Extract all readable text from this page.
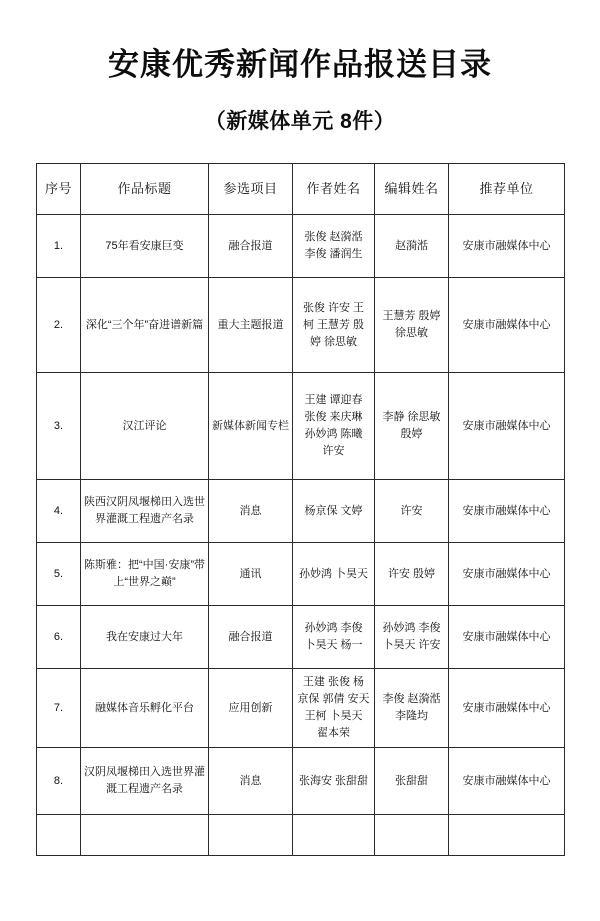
安康优秀新闻作品报送目录
（新媒体单元 8件）
序号	作品标题	参选项目	作者姓名	编辑姓名	推荐单位
1.	75年看安康巨变	融合报道	张俊 赵漪湉
李俊 潘润生	赵漪湉	安康市融媒体中心
2.	深化“三个年”奋进谱新篇	重大主题报道	张俊 许安 王
柯 王慧芳 殷
婷 徐思敏	王慧芳 殷婷
徐思敏	安康市融媒体中心
3.	汉江评论	新媒体新闻专栏	王建 谭迎春
张俊 来庆琳
孙妙鸿 陈曦
许安	李静 徐思敏
殷婷	安康市融媒体中心
4.	陕西汉阴凤堰梯田入选世界灌溉工程遗产名录	消息	杨京保 文婷	许安	安康市融媒体中心
5.	陈斯雅：把“中国·安康”带上“世界之巅”	通讯	孙妙鸿 卜昊天	许安 殷婷	安康市融媒体中心
6.	我在安康过大年	融合报道	孙妙鸿 李俊
卜昊天 杨一	孙妙鸿 李俊
卜昊天 许安	安康市融媒体中心
7.	融媒体音乐孵化平台	应用创新	王建 张俊 杨
京保 郭倩 安天
王柯 卜昊天
翟本荣	李俊 赵漪湉
李隆均	安康市融媒体中心
8.	汉阴凤堰梯田入选世界灌溉工程遗产名录	消息	张海安 张甜甜	张甜甜	安康市融媒体中心
